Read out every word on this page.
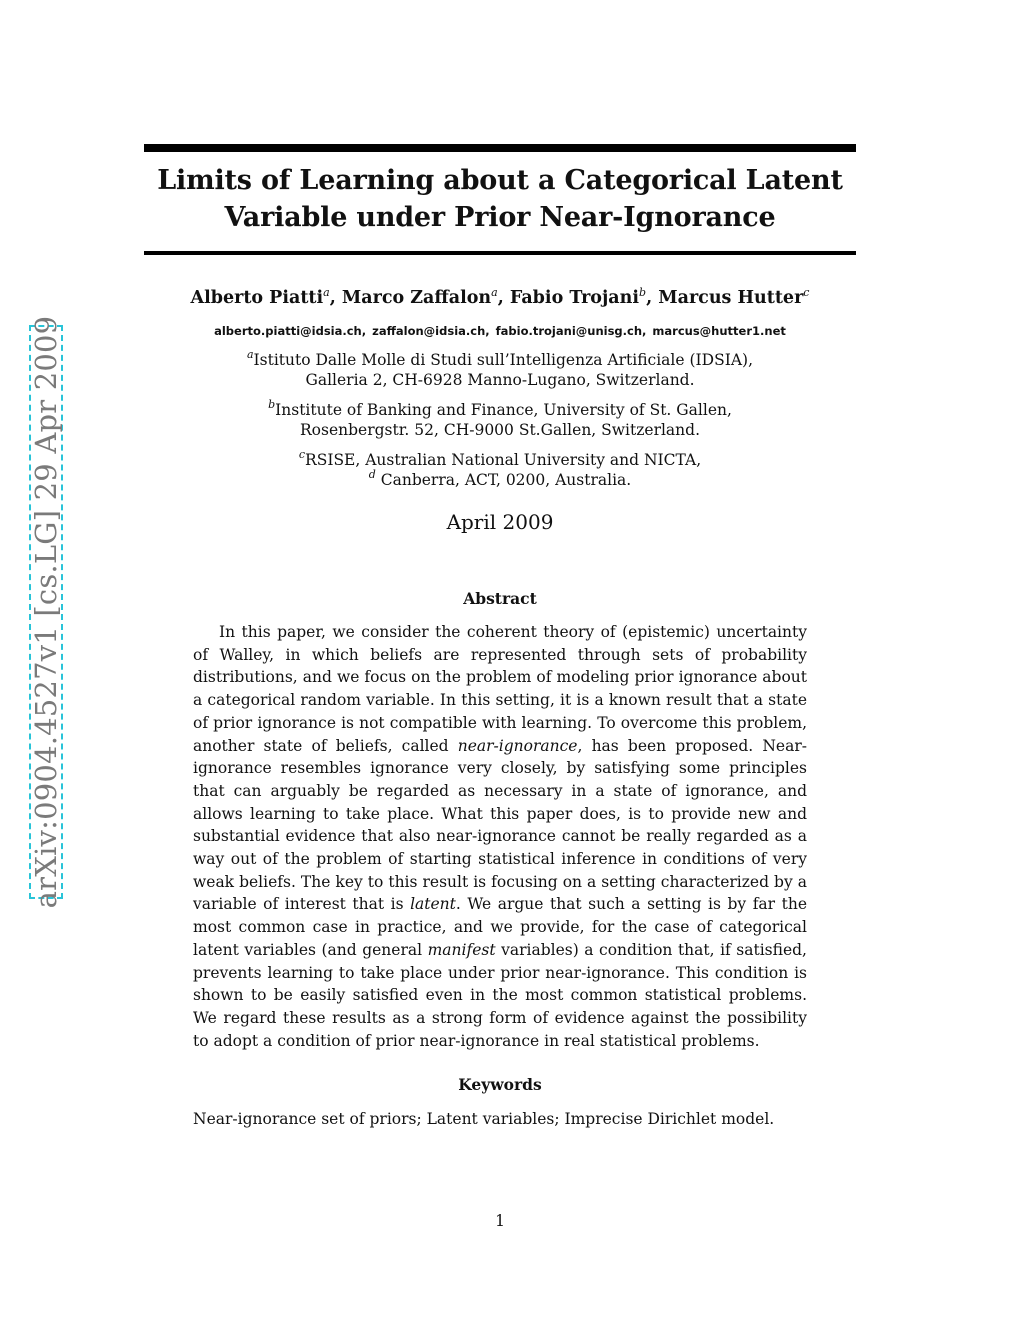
Limits of Learning about a Categorical Latent
Variable under Prior Near-Ignorance
Alberto Piatti$^a$, Marco Zaffalon$^a$, Fabio Trojani$^b$, Marcus Hutter$^c$
alberto.piatti@idsia.ch, zaffalon@idsia.ch, fabio.trojani@unisg.ch, marcus@hutter1.net
$^a$Istituto Dalle Molle di Studi sull’Intelligenza Artificiale (IDSIA),
Galleria 2, CH-6928 Manno-Lugano, Switzerland.
$^b$Institute of Banking and Finance, University of St. Gallen,
Rosenbergstr. 52, CH-9000 St.Gallen, Switzerland.
$^c$RSISE, Australian National University and NICTA,
$^d$ Canberra, ACT, 0200, Australia.
April 2009
Abstract

In this paper, we consider the coherent theory of (epistemic) uncertainty of Walley, in which beliefs are represented through sets of probability distributions, and we focus on the problem of modeling prior ignorance about a categorical random variable. In this setting, it is a known result that a state of prior ignorance is not compatible with learning. To overcome this problem, another state of beliefs, called near-ignorance, has been proposed. Near-ignorance resembles ignorance very closely, by satisfying some principles that can arguably be regarded as necessary in a state of ignorance, and allows learning to take place. What this paper does, is to provide new and substantial evidence that also near-ignorance cannot be really regarded as a way out of the problem of starting statistical inference in conditions of very weak beliefs. The key to this result is focusing on a setting characterized by a variable of interest that is latent. We argue that such a setting is by far the most common case in practice, and we provide, for the case of categorical latent variables (and general manifest variables) a condition that, if satisfied, prevents learning to take place under prior near-ignorance. This condition is shown to be easily satisfied even in the most common statistical problems. We regard these results as a strong form of evidence against the possibility to adopt a condition of prior near-ignorance in real statistical problems.

Keywords
Near-ignorance set of priors; Latent variables; Imprecise Dirichlet model.
1
arXiv:0904.4527v1 [cs.LG] 29 Apr 2009
